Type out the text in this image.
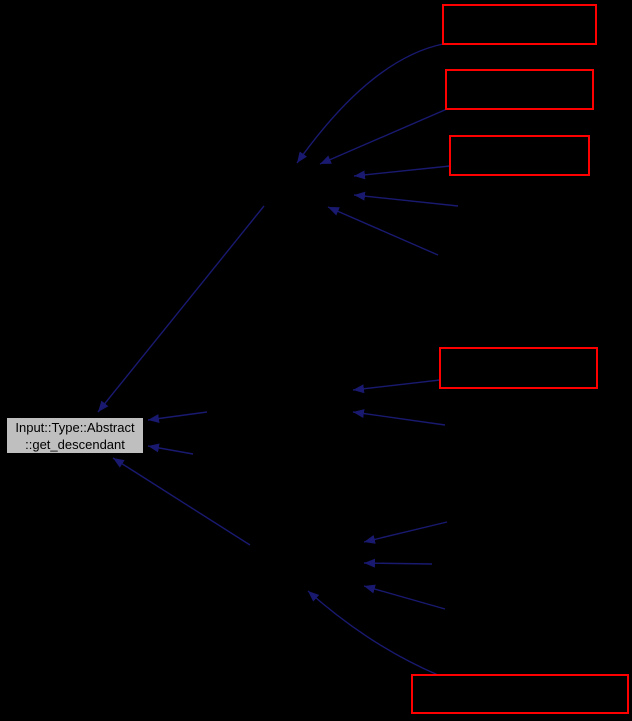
Input::Type::Abstract
::get_descendant
